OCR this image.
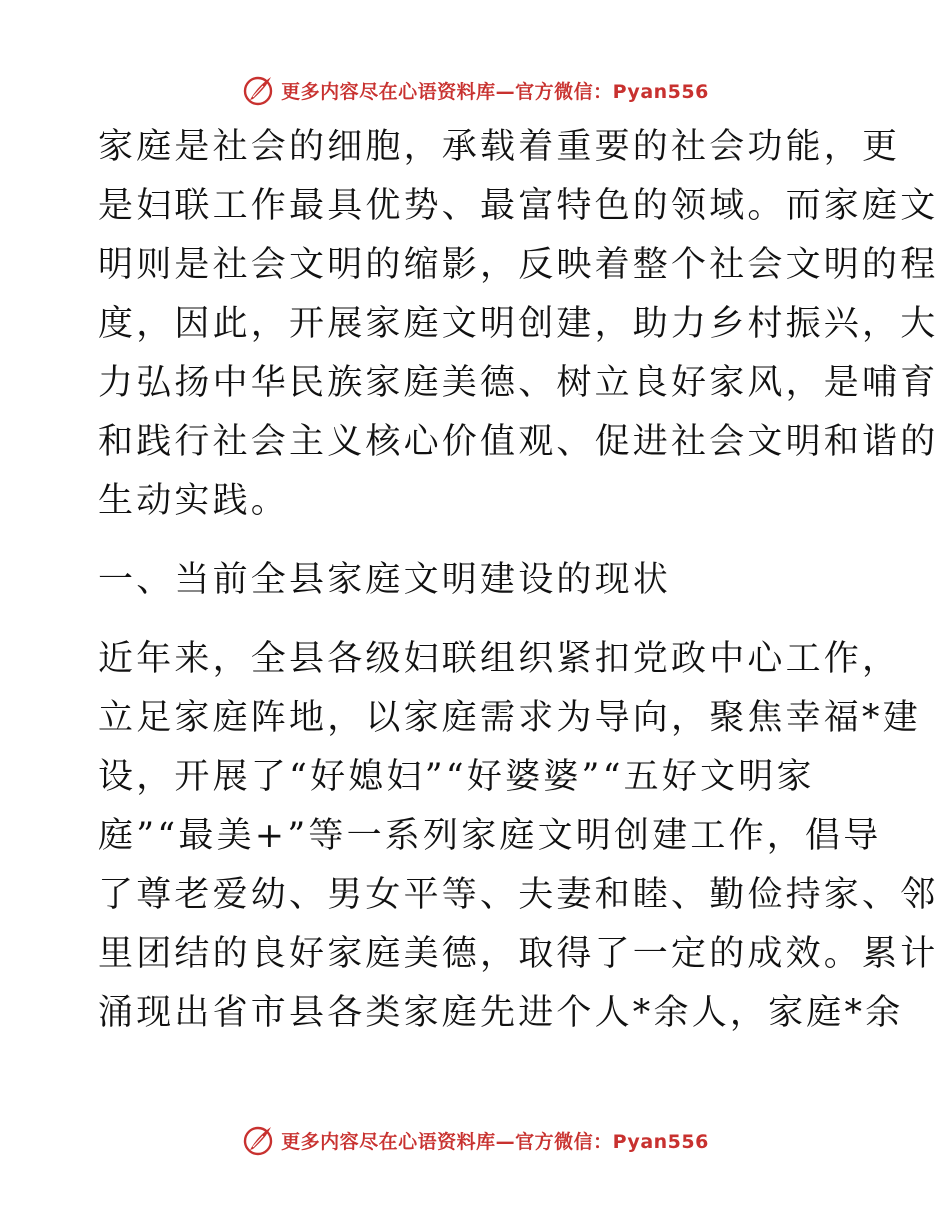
更多内容尽在心语资料库—官方微信：Pyan556
家庭是社会的细胞，承载着重要的社会功能，更
是妇联工作最具优势、最富特色的领域。而家庭文
明则是社会文明的缩影，反映着整个社会文明的程
度，因此，开展家庭文明创建，助力乡村振兴，大
力弘扬中华民族家庭美德、树立良好家风，是哺育
和践行社会主义核心价值观、促进社会文明和谐的
生动实践。
一、当前全县家庭文明建设的现状
近年来，全县各级妇联组织紧扣党政中心工作，
立足家庭阵地，以家庭需求为导向，聚焦幸福*建
设，开展了“好媳妇”“好婆婆”“五好文明家
庭”“最美+”等一系列家庭文明创建工作，倡导
了尊老爱幼、男女平等、夫妻和睦、勤俭持家、邻
里团结的良好家庭美德，取得了一定的成效。累计
涌现出省市县各类家庭先进个人*余人，家庭*余
更多内容尽在心语资料库—官方微信：Pyan556
